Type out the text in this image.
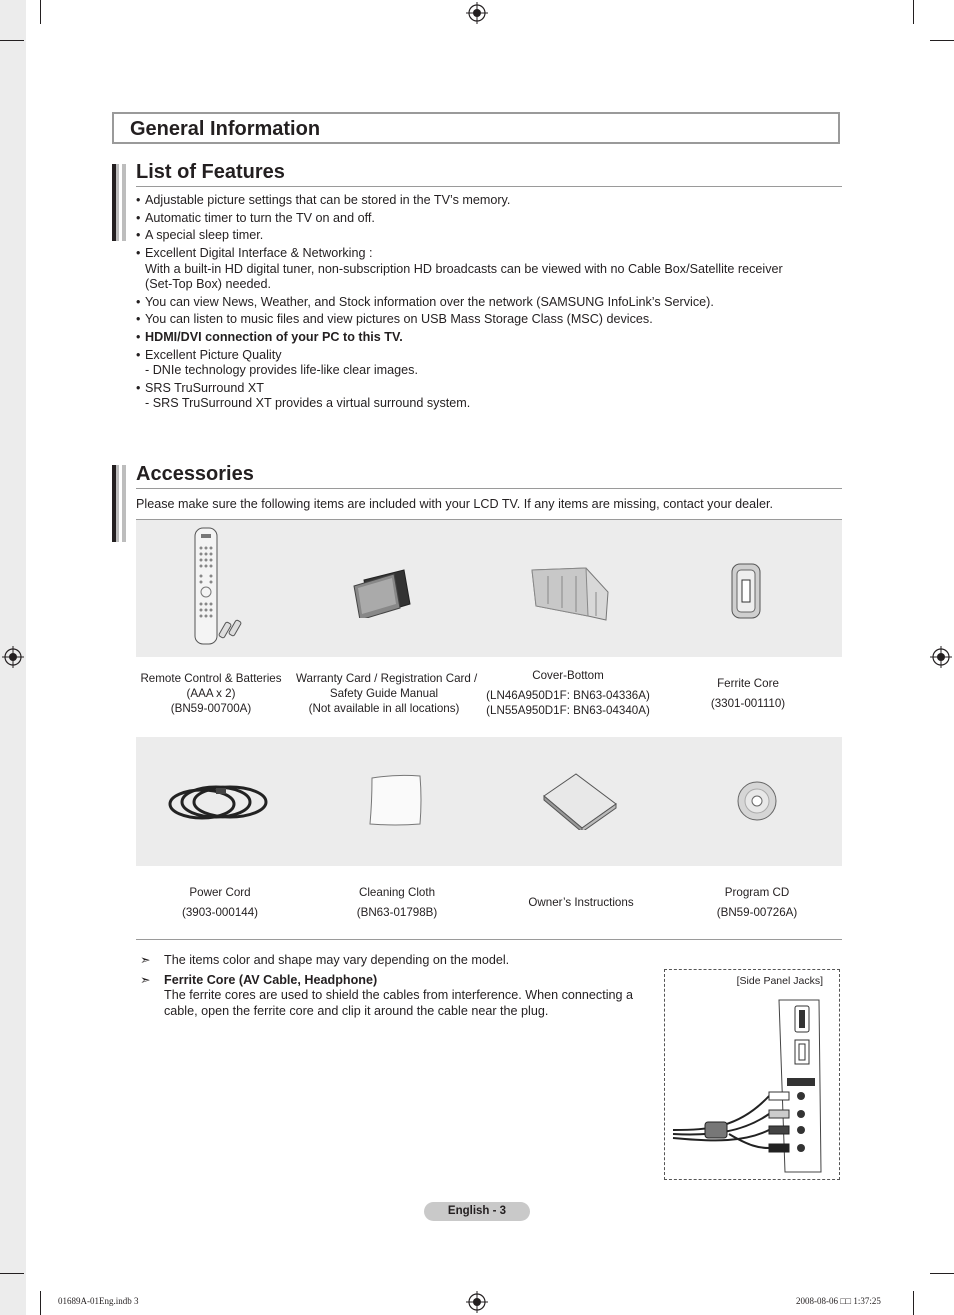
General Information
List of Features
• Adjustable picture settings that can be stored in the TV’s memory.
• Automatic timer to turn the TV on and off.
• A special sleep timer.
• Excellent Digital Interface & Networking :
With a built-in HD digital tuner, non-subscription HD broadcasts can be viewed with no Cable Box/Satellite receiver
(Set-Top Box) needed.
• You can view News, Weather, and Stock information over the network (SAMSUNG InfoLink’s Service).
• You can listen to music files and view pictures on USB Mass Storage Class (MSC) devices.
• HDMI/DVI connection of your PC to this TV.
• Excellent Picture Quality
- DNIe technology provides life-like clear images.
• SRS TruSurround XT
- SRS TruSurround XT provides a virtual surround system.
Accessories
Please make sure the following items are included with your LCD TV. If any items are missing, contact your dealer.
Remote Control & Batteries
(AAA x 2)
(BN59-00700A)
Warranty Card / Registration Card /
Safety Guide Manual
(Not available in all locations)
Cover-Bottom
(LN46A950D1F: BN63-04336A)
(LN55A950D1F: BN63-04340A)
Ferrite Core
(3301-001110)
Power Cord
(3903-000144)
Cleaning Cloth
(BN63-01798B)
Owner’s Instructions
Program CD
(BN59-00726A)
➣ The items color and shape may vary depending on the model.
➣ Ferrite Core (AV Cable, Headphone)
The ferrite cores are used to shield the cables from interference. When connecting a
cable, open the ferrite core and clip it around the cable near the plug.
[Side Panel Jacks]
English - 3
01689A-01Eng.indb 3	2008-08-06 □□ 1:37:25
